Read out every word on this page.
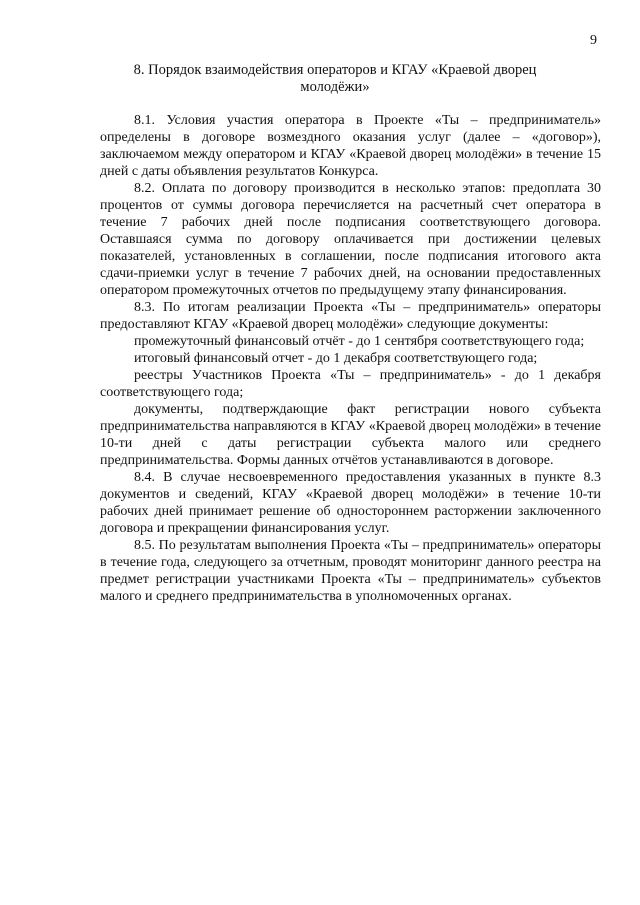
9
8. Порядок взаимодействия операторов и КГАУ «Краевой дворец
молодёжи»

8.1. Условия участия оператора в Проекте «Ты – предприниматель» определены в договоре возмездного оказания услуг (далее – «договор»), заключаемом между оператором и КГАУ «Краевой дворец молодёжи» в течение 15 дней с даты объявления результатов Конкурса.

8.2. Оплата по договору производится в несколько этапов: предоплата 30 процентов от суммы договора перечисляется на расчетный счет оператора в течение 7 рабочих дней после подписания соответствующего договора. Оставшаяся сумма по договору оплачивается при достижении целевых показателей, установленных в соглашении, после подписания итогового акта сдачи-приемки услуг в течение 7 рабочих дней, на основании предоставленных оператором промежуточных отчетов по предыдущему этапу финансирования.

8.3. По итогам реализации Проекта «Ты – предприниматель» операторы предоставляют КГАУ «Краевой дворец молодёжи» следующие документы:

промежуточный финансовый отчёт - до 1 сентября соответствующего года;

итоговый финансовый отчет - до 1 декабря соответствующего года;

реестры Участников Проекта «Ты – предприниматель» - до 1 декабря соответствующего года;

документы, подтверждающие факт регистрации нового субъекта предпринимательства направляются в КГАУ «Краевой дворец молодёжи» в течение 10-ти дней с даты регистрации субъекта малого или среднего предпринимательства. Формы данных отчётов устанавливаются в договоре.

8.4. В случае несвоевременного предоставления указанных в пункте 8.3 документов и сведений, КГАУ «Краевой дворец молодёжи» в течение 10-ти рабочих дней принимает решение об одностороннем расторжении заключенного договора и прекращении финансирования услуг.

8.5. По результатам выполнения Проекта «Ты – предприниматель» операторы в течение года, следующего за отчетным, проводят мониторинг данного реестра на предмет регистрации участниками Проекта «Ты – предприниматель» субъектов малого и среднего предпринимательства в уполномоченных органах.
